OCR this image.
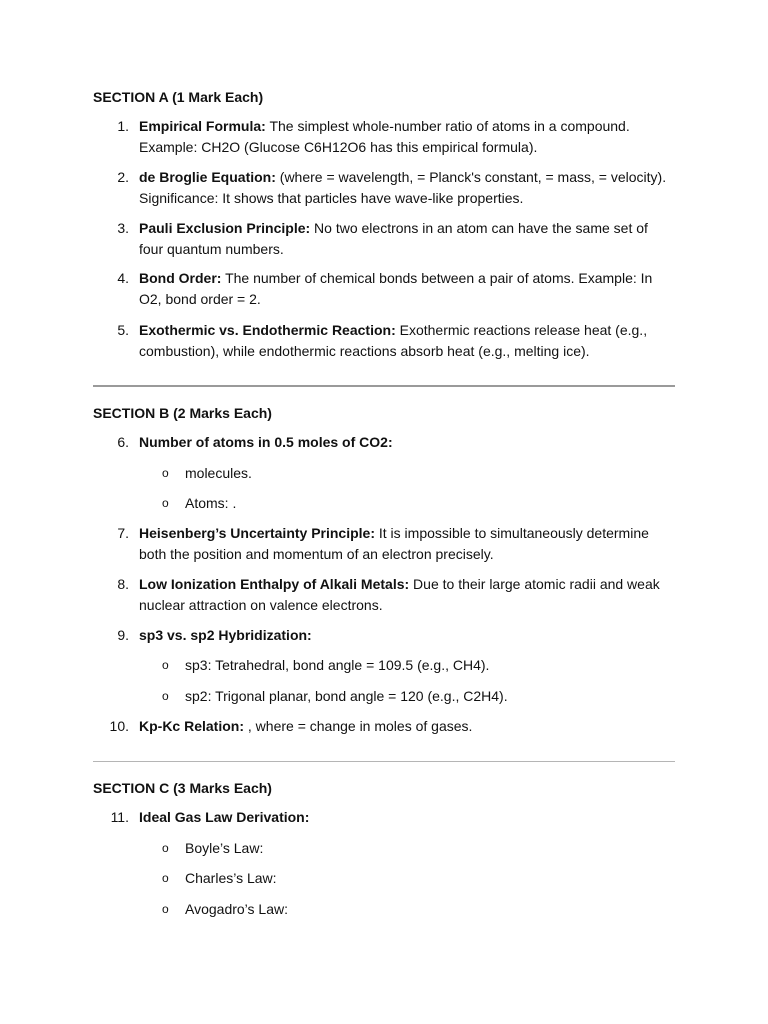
SECTION A (1 Mark Each)

1. Empirical Formula: The simplest whole-number ratio of atoms in a compound. Example: CH2O (Glucose C6H12O6 has this empirical formula).

2. de Broglie Equation: (where = wavelength, = Planck's constant, = mass, = velocity). Significance: It shows that particles have wave-like properties.

3. Pauli Exclusion Principle: No two electrons in an atom can have the same set of four quantum numbers.

4. Bond Order: The number of chemical bonds between a pair of atoms. Example: In O2, bond order = 2.

5. Exothermic vs. Endothermic Reaction: Exothermic reactions release heat (e.g., combustion), while endothermic reactions absorb heat (e.g., melting ice).

SECTION B (2 Marks Each)

6. Number of atoms in 0.5 moles of CO2:

o molecules.

o Atoms: .

7. Heisenberg’s Uncertainty Principle: It is impossible to simultaneously determine both the position and momentum of an electron precisely.

8. Low Ionization Enthalpy of Alkali Metals: Due to their large atomic radii and weak nuclear attraction on valence electrons.

9. sp3 vs. sp2 Hybridization:

o sp3: Tetrahedral, bond angle = 109.5 (e.g., CH4).

o sp2: Trigonal planar, bond angle = 120 (e.g., C2H4).

10. Kp-Kc Relation: , where = change in moles of gases.

SECTION C (3 Marks Each)

11. Ideal Gas Law Derivation:

o Boyle’s Law:

o Charles’s Law:

o Avogadro’s Law:
